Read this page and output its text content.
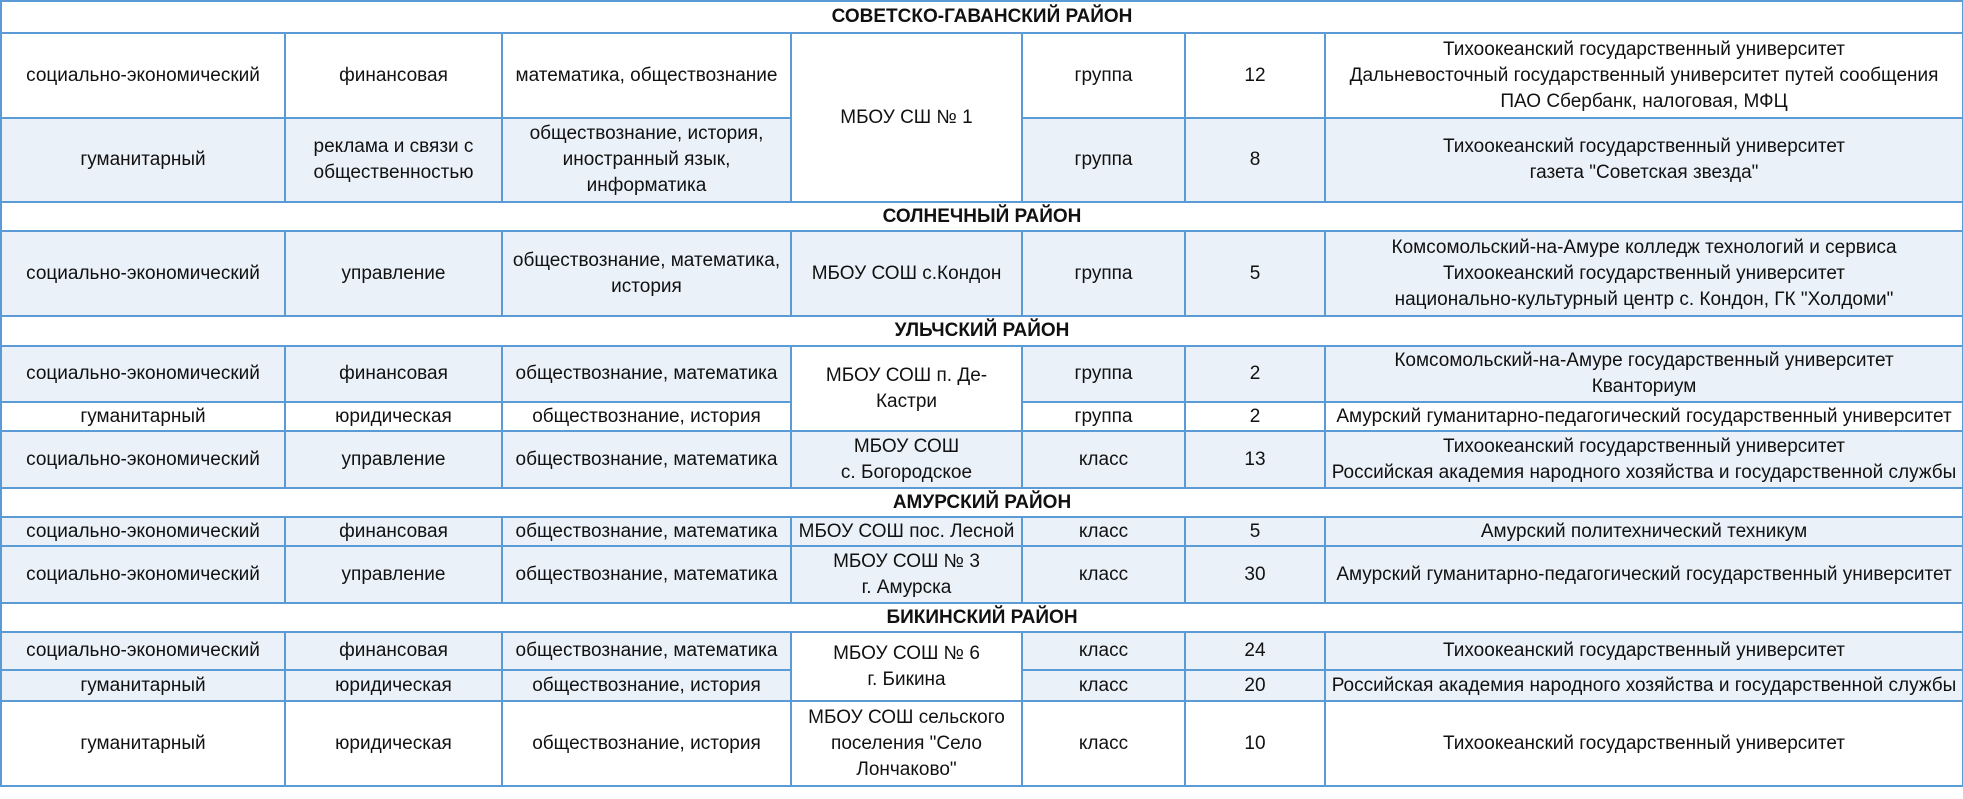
СОВЕТСКО-ГАВАНСКИЙ РАЙОН						
социально-экономический	финансовая	математика, обществознание	МБОУ СШ № 1	группа	12	Тихоокеанский государственный университет
Дальневосточный государственный университет путей сообщения
ПАО Сбербанк, налоговая, МФЦ
гуманитарный	реклама и связи с
общественностью	обществознание, история,
иностранный язык,
информатика		группа	8	Тихоокеанский государственный университет
газета "Советская звезда"
СОЛНЕЧНЫЙ РАЙОН						
социально-экономический	управление	обществознание, математика,
история	МБОУ СОШ с.Кондон	группа	5	Комсомольский-на-Амуре колледж технологий и сервиса
Тихоокеанский государственный университет
национально-культурный центр с. Кондон, ГК "Холдоми"
УЛЬЧСКИЙ РАЙОН						
социально-экономический	финансовая	обществознание, математика	МБОУ СОШ п. Де-Кастри	группа	2	Комсомольский-на-Амуре государственный университет
Кванториум
гуманитарный	юридическая	обществознание, история		группа	2	Амурский гуманитарно-педагогический государственный университет
социально-экономический	управление	обществознание, математика	МБОУ СОШ
с. Богородское	класс	13	Тихоокеанский государственный университет
Российская академия народного хозяйства и государственной службы
АМУРСКИЙ РАЙОН						
социально-экономический	финансовая	обществознание, математика	МБОУ СОШ пос. Лесной	класс	5	Амурский политехнический техникум
социально-экономический	управление	обществознание, математика	МБОУ СОШ № 3
г. Амурска	класс	30	Амурский гуманитарно-педагогический государственный университет
БИКИНСКИЙ РАЙОН						
социально-экономический	финансовая	обществознание, математика	МБОУ СОШ № 6
г. Бикина	класс	24	Тихоокеанский государственный университет
гуманитарный	юридическая	обществознание, история		класс	20	Российская академия народного хозяйства и государственной службы
гуманитарный	юридическая	обществознание, история	МБОУ СОШ сельского
поселения "Село
Лончаково"	класс	10	Тихоокеанский государственный университет
